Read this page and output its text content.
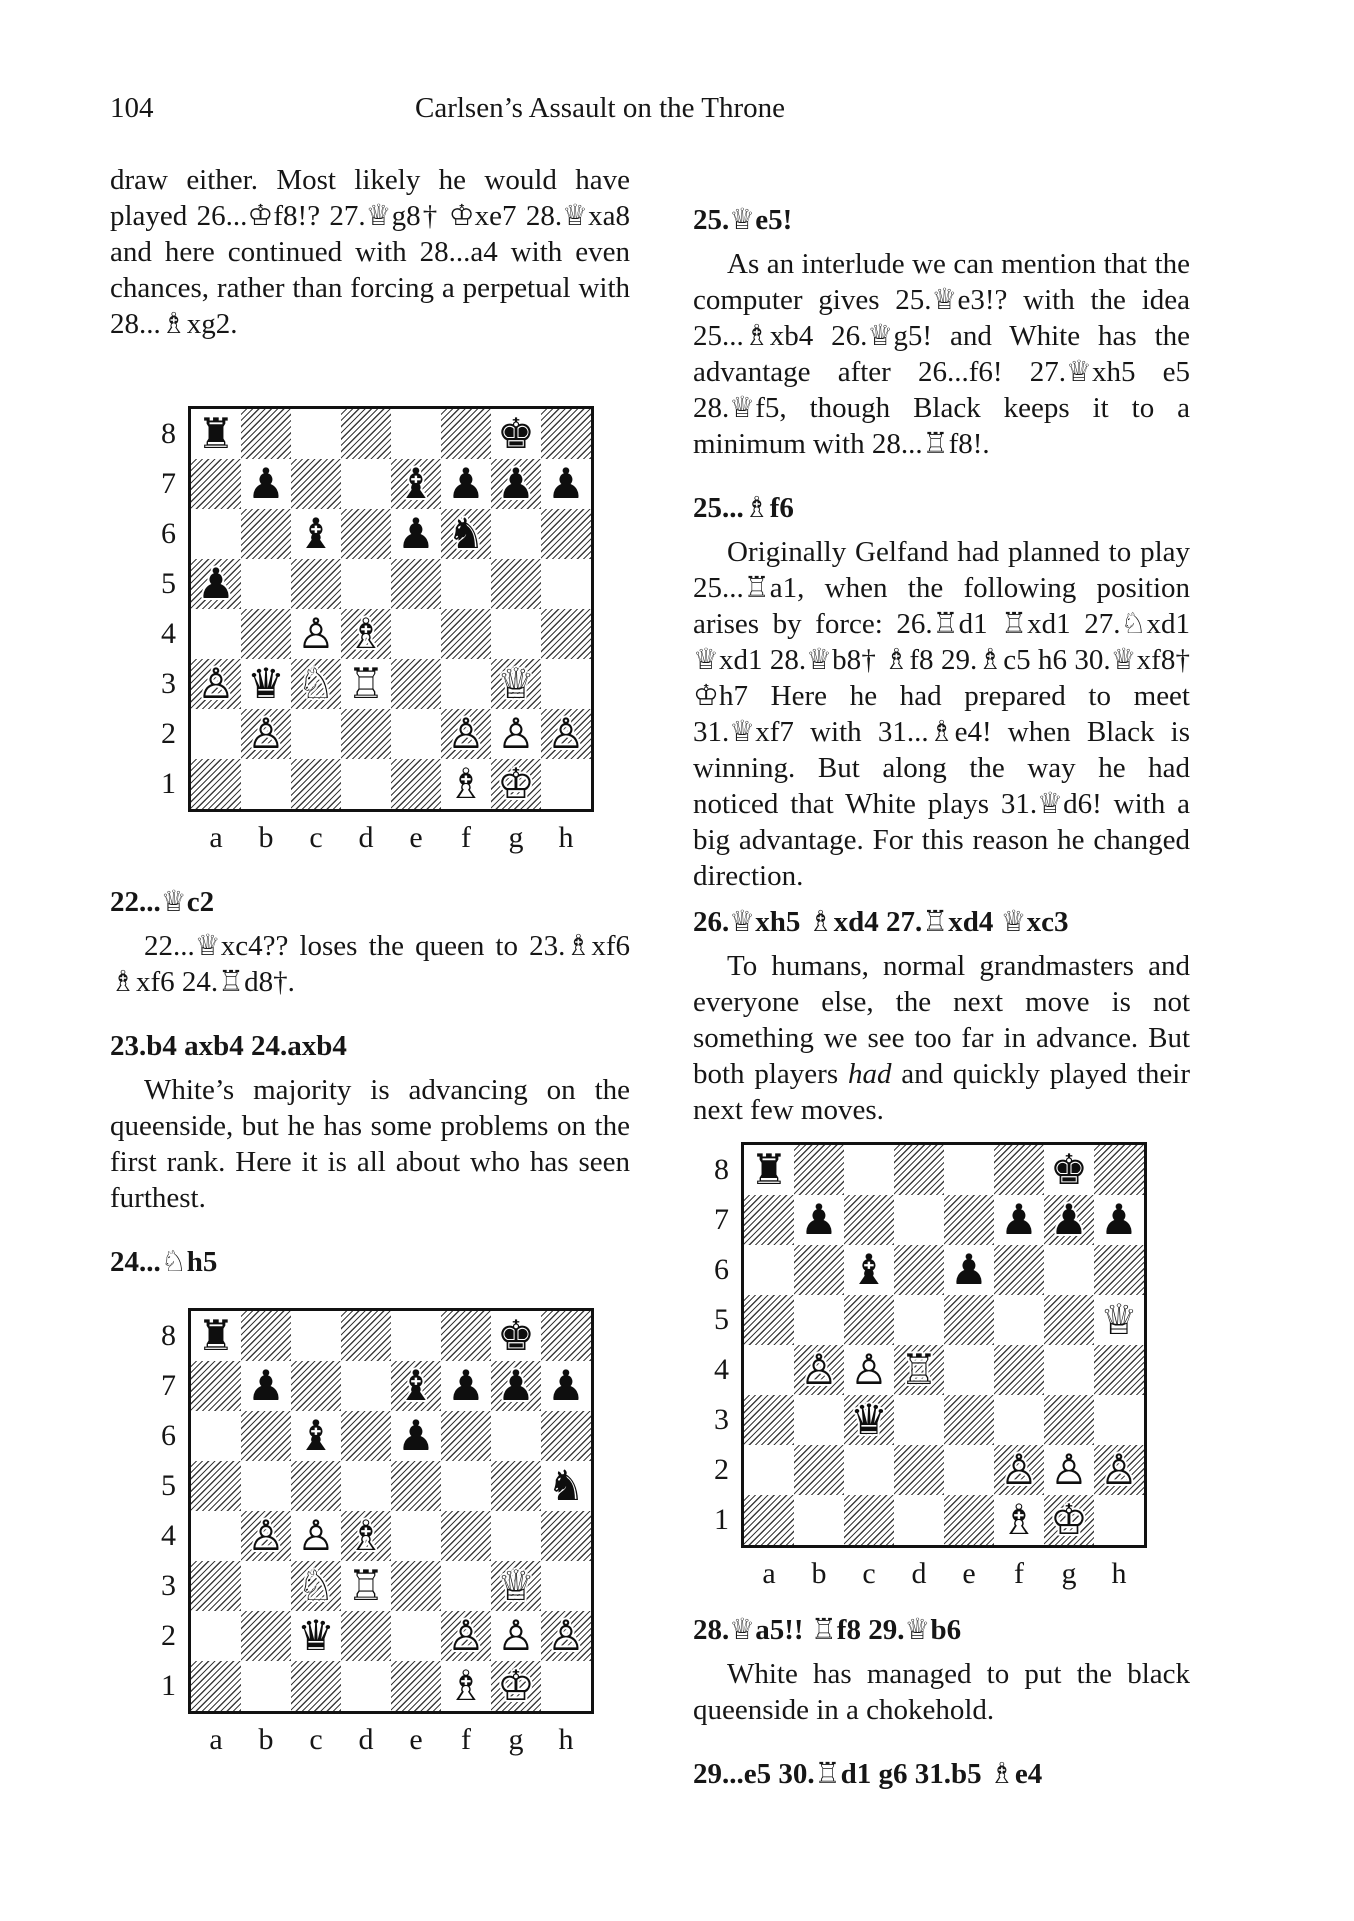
104	Carlsen’s Assault on the Throne

draw either. Most likely he would have played 26...♔f8!? 27.♕g8† ♔xe7 28.♕xa8 and here continued with 28...a4 with even chances, rather than forcing a perpetual with 28...♗xg2.

8
7
6
5
4
3
2
1
♜	♚
♟	♝ ♟ ♟ ♟
♝ ♟ ♞
♟
♙ ♗
♙ ♛ ♘ ♖	♕
♙	♙ ♙ ♙
♗ ♔
a	b	c	d	e	f	g	h
22...♕c2

22...♕xc4?? loses the queen to 23.♗xf6 ♗xf6 24.♖d8†.

23.b4 axb4 24.axb4

White’s majority is advancing on the queenside, but he has some problems on the first rank. Here it is all about who has seen furthest.

24...♘h5
8
7
6
5
4
3
2
1
♜	♚
♟	♝ ♟ ♟ ♟
♝ ♟
♞
♙ ♙ ♗
♘ ♖	♕
♛	♙ ♙ ♙
♗ ♔
a	b	c	d	e	f	g	h
25.♕e5!

As an interlude we can mention that the computer gives 25.♕e3!? with the idea 25...♗xb4 26.♕g5! and White has the advantage after 26...f6! 27.♕xh5 e5 28.♕f5, though Black keeps it to a minimum with 28...♖f8!.

25...♗f6

Originally Gelfand had planned to play 25...♖a1, when the following position arises by force: 26.♖d1 ♖xd1 27.♘xd1 ♕xd1 28.♕b8† ♗f8 29.♗c5 h6 30.♕xf8† ♔h7 Here he had prepared to meet 31.♕xf7 with 31...♗e4! when Black is winning. But along the way he had noticed that White plays 31.♕d6! with a big advantage. For this reason he changed direction.

26.♕xh5 ♗xd4 27.♖xd4 ♕xc3

To humans, normal grandmasters and everyone else, the next move is not something we see too far in advance. But both players had and quickly played their next few moves.

8
7
6
5
4
3
2
1
♜	♚
♟	♟ ♟ ♟
♝ ♟
♕
♙ ♙ ♖
♛
♙ ♙ ♙
♗ ♔
a	b	c	d	e	f	g	h
28.♕a5!! ♖f8 29.♕b6

White has managed to put the black queenside in a chokehold.

29...e5 30.♖d1 g6 31.b5 ♗e4
